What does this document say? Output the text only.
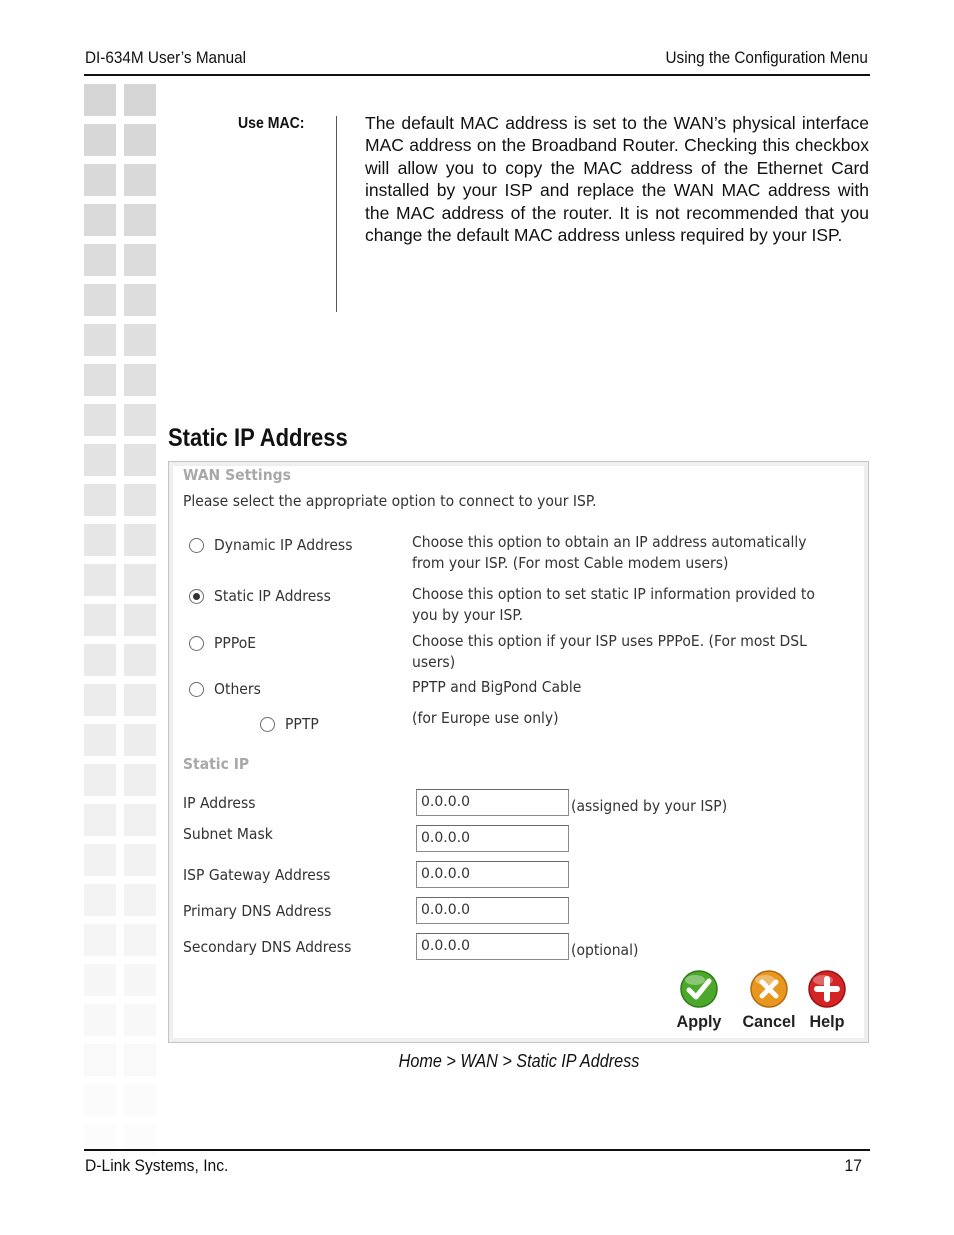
DI-634M User’s Manual	Using the Configuration Menu
Use MAC:	The default MAC address is set to the WAN’s physical interface MAC address on the Broadband Router. Checking this checkbox will allow you to copy the MAC address of the Ethernet Card installed by your ISP and replace the WAN MAC address with the MAC address of the router. It is not recommended that you change the default MAC address unless required by your ISP.

Static IP Address
WAN Settings
Please select the appropriate option to connect to your ISP.
Dynamic IP Address	Choose this option to obtain an IP address automatically from your ISP. (For most Cable modem users)
Static IP Address	Choose this option to set static IP information provided to you by your ISP.
PPPoE	Choose this option if your ISP uses PPPoE. (For most DSL users)
Others	PPTP and BigPond Cable
PPTP	(for Europe use only)
Static IP
IP Address	0.0.0.0	(assigned by your ISP)
Subnet Mask	0.0.0.0
ISP Gateway Address	0.0.0.0
Primary DNS Address	0.0.0.0
Secondary DNS Address	0.0.0.0	(optional)
Apply	Cancel Help
Home > WAN > Static IP Address
D-Link Systems, Inc.	17
